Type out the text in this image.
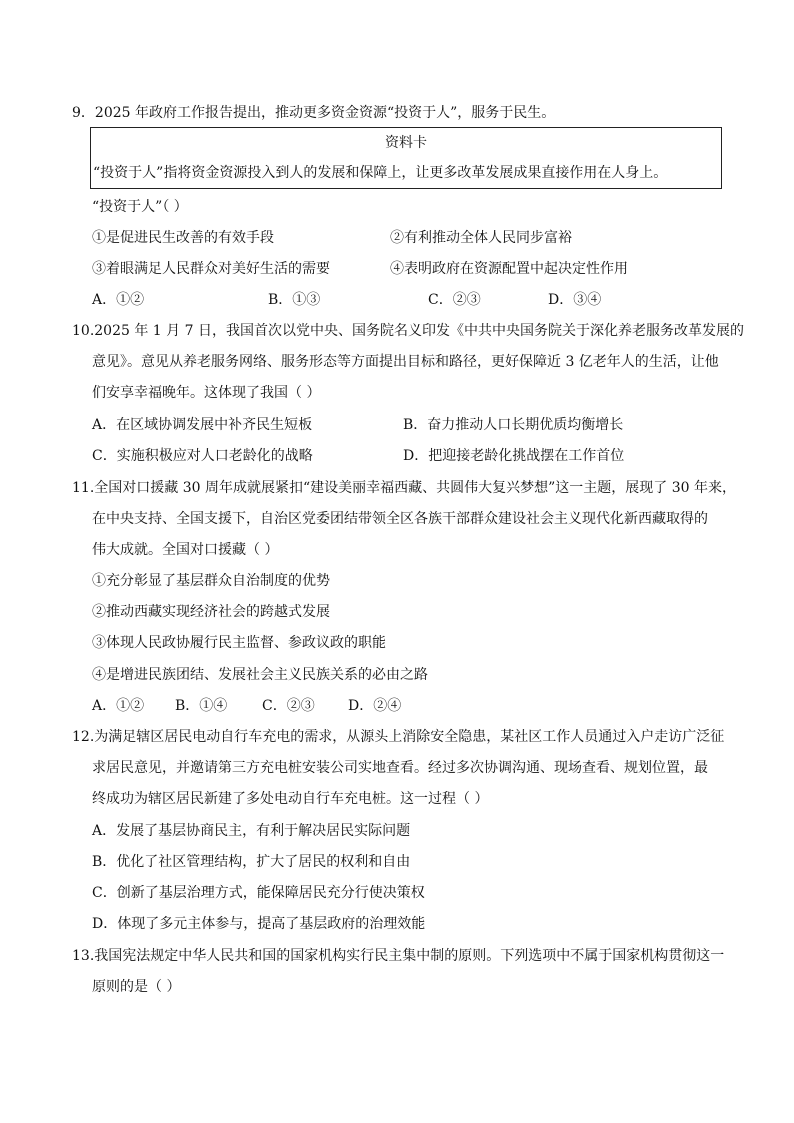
9．2025 年政府工作报告提出，推动更多资金资源“投资于人”，服务于民生。
资料卡
“投资于人”指将资金资源投入到人的发展和保障上，让更多改革发展成果直接作用在人身上。
“投资于人”（ ）
①是促进民生改善的有效手段	②有利推动全体人民同步富裕
③着眼满足人民群众对美好生活的需要	④表明政府在资源配置中起决定性作用
A．①②	B．①③	C．②③	D．③④
10.2025 年 1 月 7 日，我国首次以党中央、国务院名义印发《中共中央国务院关于深化养老服务改革发展的
意见》。意见从养老服务网络、服务形态等方面提出目标和路径，更好保障近 3 亿老年人的生活，让他
们安享幸福晚年。这体现了我国（ ）
A．在区域协调发展中补齐民生短板	B．奋力推动人口长期优质均衡增长
C．实施积极应对人口老龄化的战略	D．把迎接老龄化挑战摆在工作首位
11.全国对口援藏 30 周年成就展紧扣“建设美丽幸福西藏、共圆伟大复兴梦想”这一主题，展现了 30 年来，
在中央支持、全国支援下，自治区党委团结带领全区各族干部群众建设社会主义现代化新西藏取得的
伟大成就。全国对口援藏（ ）
①充分彰显了基层群众自治制度的优势
②推动西藏实现经济社会的跨越式发展
③体现人民政协履行民主监督、参政议政的职能
④是增进民族团结、发展社会主义民族关系的必由之路
A．①② B．①④ C．②③ D．②④
12.为满足辖区居民电动自行车充电的需求，从源头上消除安全隐患，某社区工作人员通过入户走访广泛征
求居民意见，并邀请第三方充电桩安装公司实地查看。经过多次协调沟通、现场查看、规划位置，最
终成功为辖区居民新建了多处电动自行车充电桩。这一过程（ ）
A．发展了基层协商民主，有利于解决居民实际问题
B．优化了社区管理结构，扩大了居民的权利和自由
C．创新了基层治理方式，能保障居民充分行使决策权
D．体现了多元主体参与，提高了基层政府的治理效能
13.我国宪法规定中华人民共和国的国家机构实行民主集中制的原则。下列选项中不属于国家机构贯彻这一
原则的是（ ）
